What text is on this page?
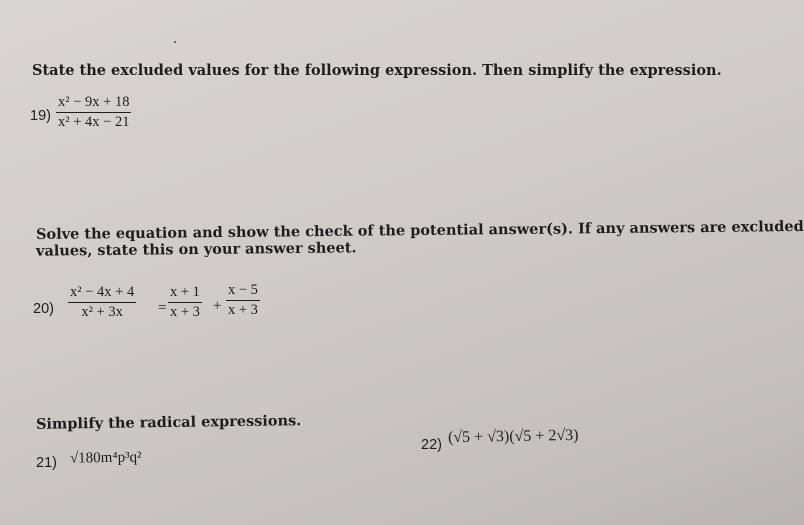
State the excluded values for the following expression. Then simplify the expression.
19)
x² − 9x + 18
x² + 4x − 21
Solve the equation and show the check of the potential answer(s). If any answers are excluded
values, state this on your answer sheet.
20)
x² − 4x + 4
x² + 3x =
x + 1
x + 3 +
x − 5
x + 3
Simplify the radical expressions.
21) √180m⁴p³q²
22) (√5 + √3)(√5 + 2√3)
